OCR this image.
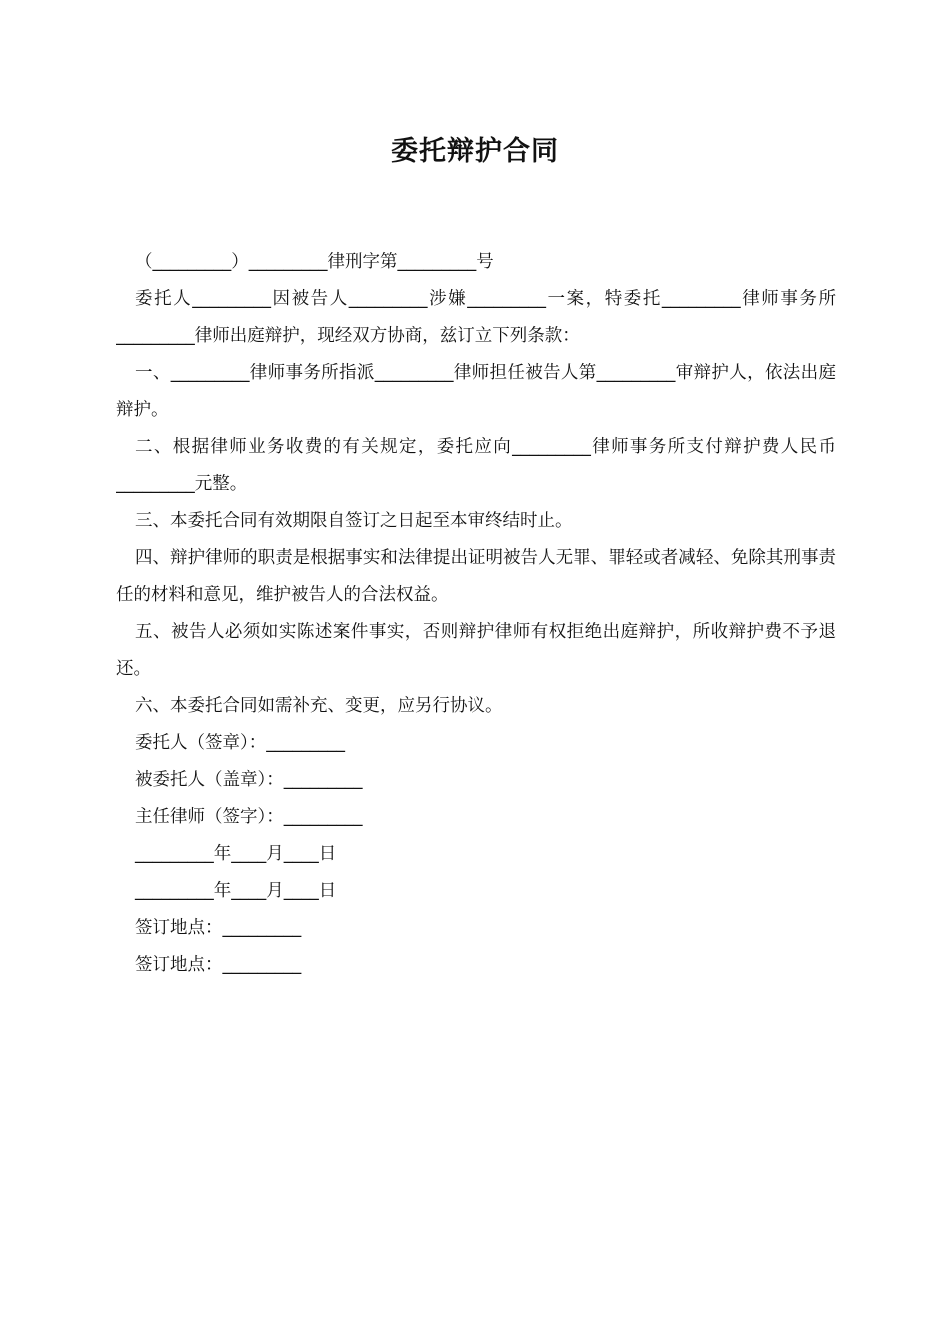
委托辩护合同

（_________）_________律刑字第_________号

委托人_________因被告人_________涉嫌_________一案，特委托_________律师事务所_________律师出庭辩护，现经双方协商，兹订立下列条款：

一、_________律师事务所指派_________律师担任被告人第_________审辩护人，依法出庭辩护。

二、根据律师业务收费的有关规定，委托应向_________律师事务所支付辩护费人民币_________元整。

三、本委托合同有效期限自签订之日起至本审终结时止。

四、辩护律师的职责是根据事实和法律提出证明被告人无罪、罪轻或者减轻、免除其刑事责任的材料和意见，维护被告人的合法权益。

五、被告人必须如实陈述案件事实，否则辩护律师有权拒绝出庭辩护，所收辩护费不予退还。

六、本委托合同如需补充、变更，应另行协议。

委托人（签章）：_________

被委托人（盖章）：_________

主任律师（签字）：_________

_________年____月____日

_________年____月____日

签订地点：_________

签订地点：_________
